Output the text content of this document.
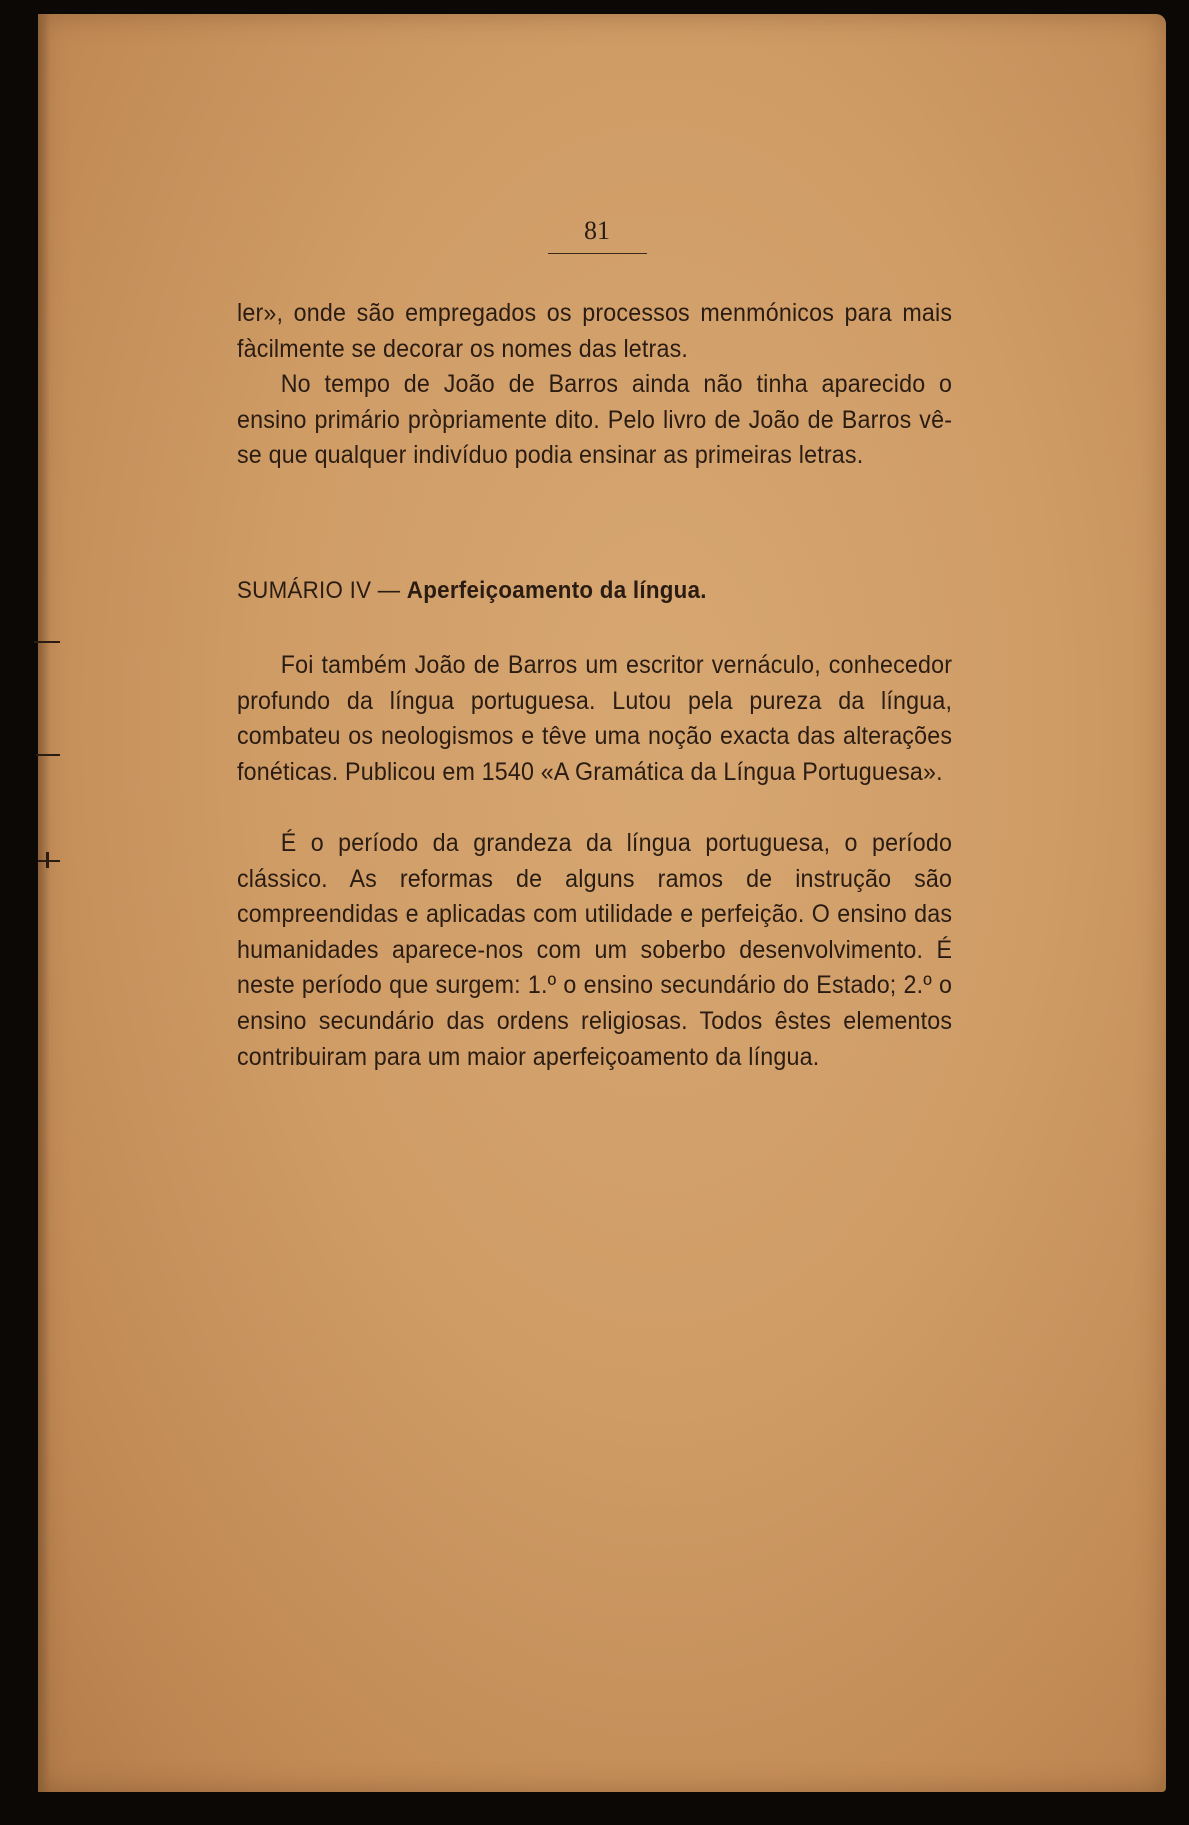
81

ler», onde são empregados os processos menmónicos para mais fàcilmente se decorar os nomes das letras.
No tempo de João de Barros ainda não tinha aparecido o ensino primário pròpriamente dito. Pelo livro de João de Barros vê-se que qualquer indivíduo podia ensinar as primeiras letras.

SUMÁRIO IV — Aperfeiçoamento da língua.

Foi também João de Barros um escritor vernáculo, conhecedor profundo da língua portuguesa. Lutou pela pureza da língua, combateu os neologismos e têve uma noção exacta das alterações fonéticas. Publicou em 1540 «A Gramática da Língua Portuguesa».

É o período da grandeza da língua portuguesa, o período clássico. As reformas de alguns ramos de instrução são compreendidas e aplicadas com utilidade e perfeição. O ensino das humanidades aparece-nos com um soberbo desenvolvimento. É neste período que surgem: 1.º o ensino secundário do Estado; 2.º o ensino secundário das ordens religiosas. Todos êstes elementos contribuiram para um maior aperfeiçoamento da língua.
